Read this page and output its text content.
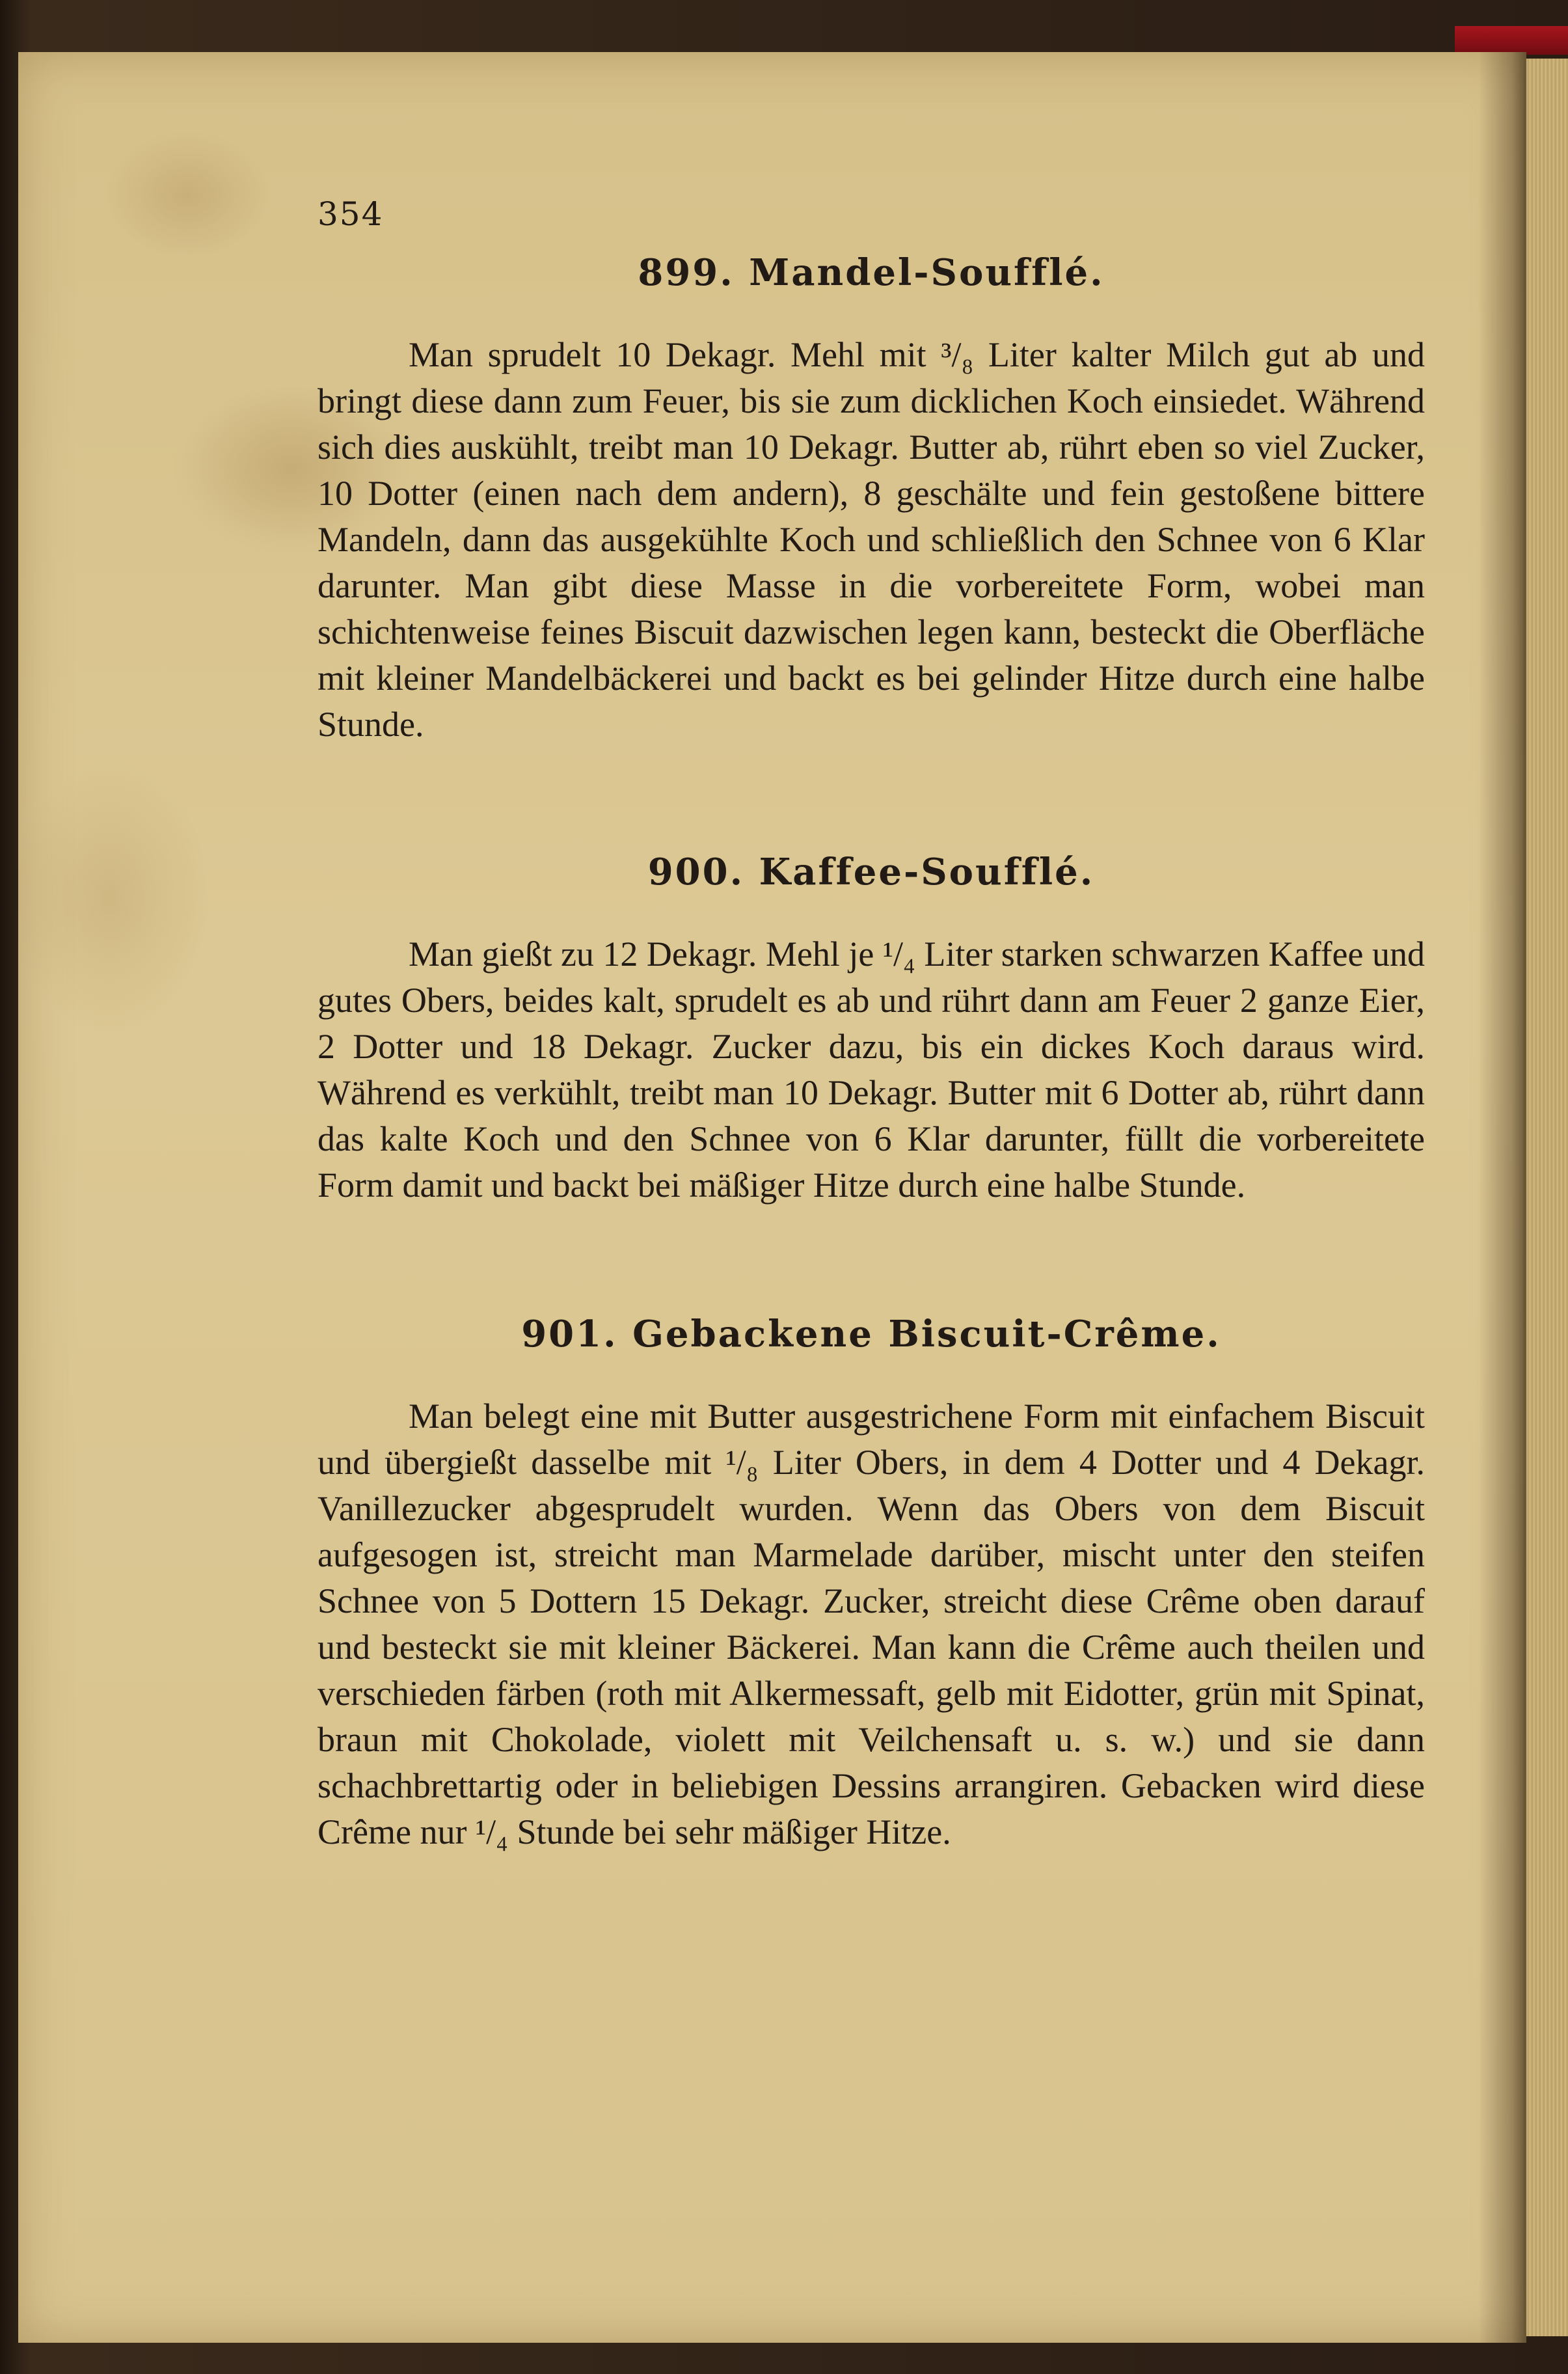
354
899. Mandel-Soufflé.

Man sprudelt 10 Dekagr. Mehl mit ³/₈ Liter kalter Milch gut ab und bringt diese dann zum Feuer, bis sie zum dicklichen Koch einsiedet. Während sich dies auskühlt, treibt man 10 Dekagr. Butter ab, rührt eben so viel Zucker, 10 Dotter (einen nach dem andern), 8 geschälte und fein gestoßene bittere Mandeln, dann das ausgekühlte Koch und schließlich den Schnee von 6 Klar darunter. Man gibt diese Masse in die vorbereitete Form, wobei man schichtenweise feines Biscuit dazwischen legen kann, besteckt die Oberfläche mit kleiner Mandelbäckerei und backt es bei gelinder Hitze durch eine halbe Stunde.

900. Kaffee-Soufflé.

Man gießt zu 12 Dekagr. Mehl je ¹/₄ Liter starken schwarzen Kaffee und gutes Obers, beides kalt, sprudelt es ab und rührt dann am Feuer 2 ganze Eier, 2 Dotter und 18 Dekagr. Zucker dazu, bis ein dickes Koch daraus wird. Während es verkühlt, treibt man 10 Dekagr. Butter mit 6 Dotter ab, rührt dann das kalte Koch und den Schnee von 6 Klar darunter, füllt die vorbereitete Form damit und backt bei mäßiger Hitze durch eine halbe Stunde.

901. Gebackene Biscuit-Crême.

Man belegt eine mit Butter ausgestrichene Form mit einfachem Biscuit und übergießt dasselbe mit ¹/₈ Liter Obers, in dem 4 Dotter und 4 Dekagr. Vanillezucker abgesprudelt wurden. Wenn das Obers von dem Biscuit aufgesogen ist, streicht man Marmelade darüber, mischt unter den steifen Schnee von 5 Dottern 15 Dekagr. Zucker, streicht diese Crême oben darauf und besteckt sie mit kleiner Bäckerei. Man kann die Crême auch theilen und verschieden färben (roth mit Alkermessaft, gelb mit Eidotter, grün mit Spinat, braun mit Chokolade, violett mit Veilchensaft u. s. w.) und sie dann schachbrettartig oder in beliebigen Dessins arrangiren. Gebacken wird diese Crême nur ¹/₄ Stunde bei sehr mäßiger Hitze.
